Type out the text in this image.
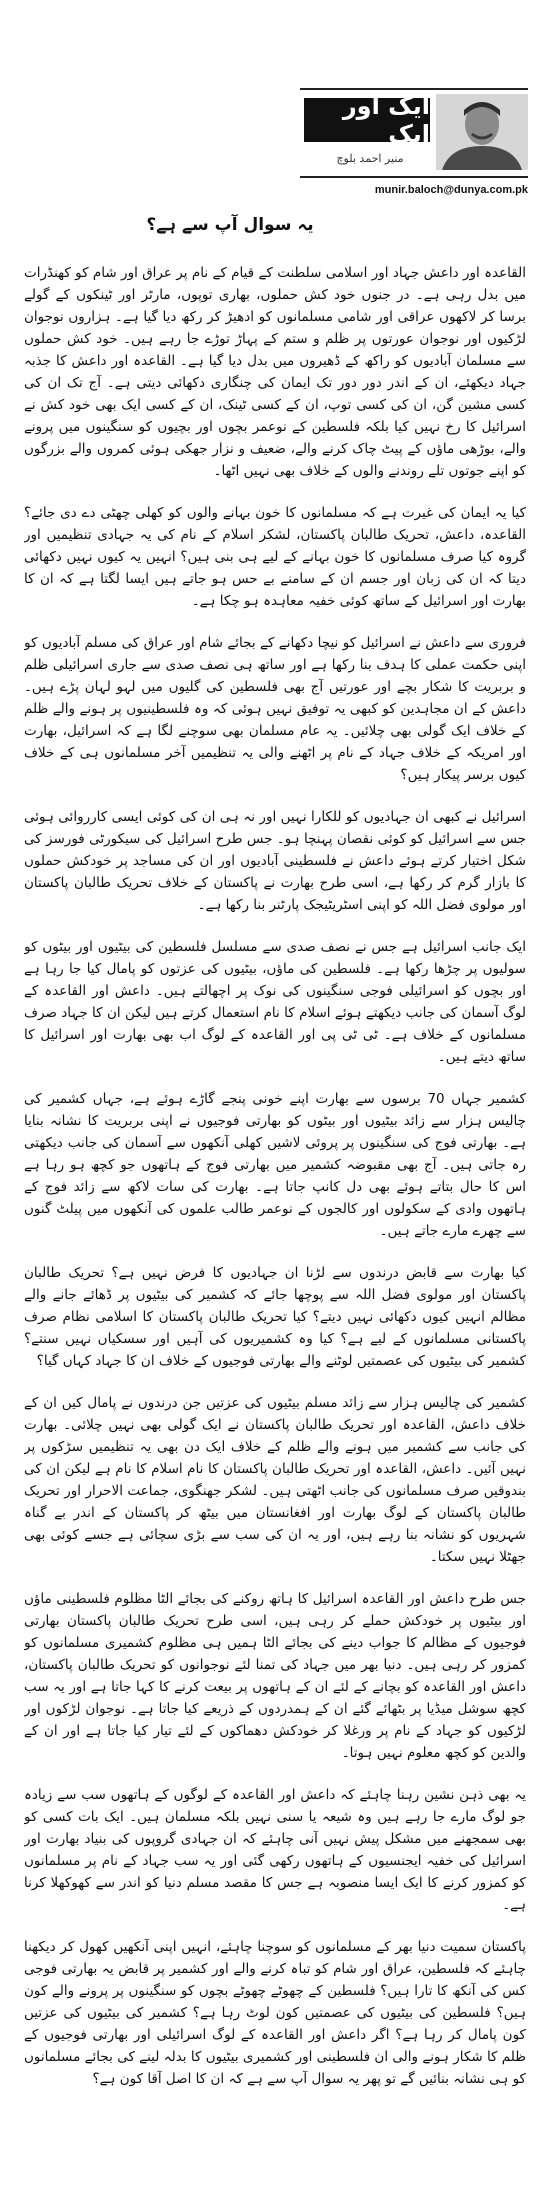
ایک اور ایک
منیر احمد بلوچ
munir.baloch@dunya.com.pk
یہ سوال آپ سے ہے؟

القاعدہ اور داعش جہاد اور اسلامی سلطنت کے قیام کے نام پر عراق اور شام کو کھنڈرات میں بدل رہی ہے۔ در جنوں خود کش حملوں، بھاری توپوں، مارٹر اور ٹینکوں کے گولے برسا کر لاکھوں عراقی اور شامی مسلمانوں کو ادھیڑ کر رکھ دیا گیا ہے۔ ہزاروں نوجوان لڑکیوں اور نوجوان عورتوں پر ظلم و ستم کے پہاڑ توڑے جا رہے ہیں۔ خود کش حملوں سے مسلمان آبادیوں کو راکھ کے ڈھیروں میں بدل دیا گیا ہے۔ القاعدہ اور داعش کا جذبہ جہاد دیکھئے، ان کے اندر دور دور تک ایمان کی چنگاری دکھائی دیتی ہے۔ آج تک ان کی کسی مشین گن، ان کی کسی توپ، ان کے کسی ٹینک، ان کے کسی ایک بھی خود کش نے اسرائیل کا رخ نہیں کیا بلکہ فلسطین کے نوعمر بچوں اور بچیوں کو سنگینوں میں پرونے والے، بوڑھی ماؤں کے پیٹ چاک کرنے والے، ضعیف و نزار جھکی ہوئی کمروں والے بزرگوں کو اپنے جوتوں تلے روندنے والوں کے خلاف بھی نہیں اٹھا۔

کیا یہ ایمان کی غیرت ہے کہ مسلمانوں کا خون بہانے والوں کو کھلی چھٹی دے دی جائے؟ القاعدہ، داعش، تحریک طالبان پاکستان، لشکر اسلام کے نام کی یہ جہادی تنظیمیں اور گروہ کیا صرف مسلمانوں کا خون بہانے کے لیے ہی بنی ہیں؟ انہیں یہ کیوں نہیں دکھائی دیتا کہ ان کی زبان اور جسم ان کے سامنے بے حس ہو جاتے ہیں ایسا لگتا ہے کہ ان کا بھارت اور اسرائیل کے ساتھ کوئی خفیہ معاہدہ ہو چکا ہے۔

فروری سے داعش نے اسرائیل کو نیچا دکھانے کے بجائے شام اور عراق کی مسلم آبادیوں کو اپنی حکمت عملی کا ہدف بنا رکھا ہے اور ساتھ ہی نصف صدی سے جاری اسرائیلی ظلم و بربریت کا شکار بچے اور عورتیں آج بھی فلسطین کی گلیوں میں لہو لہان پڑے ہیں۔ داعش کے ان مجاہدین کو کبھی یہ توفیق نہیں ہوئی کہ وہ فلسطینیوں پر ہونے والے ظلم کے خلاف ایک گولی بھی چلائیں۔ یہ عام مسلمان بھی سوچنے لگا ہے کہ اسرائیل، بھارت اور امریکہ کے خلاف جہاد کے نام پر اٹھنے والی یہ تنظیمیں آخر مسلمانوں ہی کے خلاف کیوں برسر پیکار ہیں؟

اسرائیل نے کبھی ان جہادیوں کو للکارا نہیں اور نہ ہی ان کی کوئی ایسی کارروائی ہوئی جس سے اسرائیل کو کوئی نقصان پہنچا ہو۔ جس طرح اسرائیل کی سیکورٹی فورسز کی شکل اختیار کرتے ہوئے داعش نے فلسطینی آبادیوں اور ان کی مساجد پر خودکش حملوں کا بازار گرم کر رکھا ہے، اسی طرح بھارت نے پاکستان کے خلاف تحریک طالبان پاکستان اور مولوی فضل اللہ کو اپنی اسٹریٹیجک پارٹنر بنا رکھا ہے۔

ایک جانب اسرائیل ہے جس نے نصف صدی سے مسلسل فلسطین کی بیٹیوں اور بیٹوں کو سولیوں پر چڑھا رکھا ہے۔ فلسطین کی ماؤں، بیٹیوں کی عزتوں کو پامال کیا جا رہا ہے اور بچوں کو اسرائیلی فوجی سنگینوں کی نوک پر اچھالتے ہیں۔ داعش اور القاعدہ کے لوگ آسمان کی جانب دیکھتے ہوئے اسلام کا نام استعمال کرتے ہیں لیکن ان کا جہاد صرف مسلمانوں کے خلاف ہے۔ ٹی ٹی پی اور القاعدہ کے لوگ اب بھی بھارت اور اسرائیل کا ساتھ دیتے ہیں۔

کشمیر جہاں 70 برسوں سے بھارت اپنے خونی پنجے گاڑے ہوئے ہے، جہاں کشمیر کی چالیس ہزار سے زائد بیٹیوں اور بیٹوں کو بھارتی فوجیوں نے اپنی بربریت کا نشانہ بنایا ہے۔ بھارتی فوج کی سنگینوں پر پروئی لاشیں کھلی آنکھوں سے آسمان کی جانب دیکھتی رہ جاتی ہیں۔ آج بھی مقبوضہ کشمیر میں بھارتی فوج کے ہاتھوں جو کچھ ہو رہا ہے اس کا حال بتاتے ہوئے بھی دل کانپ جاتا ہے۔ بھارت کی سات لاکھ سے زائد فوج کے ہاتھوں وادی کے سکولوں اور کالجوں کے نوعمر طالب علموں کی آنکھوں میں پیلٹ گنوں سے چھرے مارے جاتے ہیں۔

کیا بھارت سے قابض درندوں سے لڑنا ان جہادیوں کا فرض نہیں ہے؟ تحریک طالبان پاکستان اور مولوی فضل اللہ سے پوچھا جائے کہ کشمیر کی بیٹیوں پر ڈھائے جانے والے مظالم انہیں کیوں دکھائی نہیں دیتے؟ کیا تحریک طالبان پاکستان کا اسلامی نظام صرف پاکستانی مسلمانوں کے لیے ہے؟ کیا وہ کشمیریوں کی آہیں اور سسکیاں نہیں سنتے؟ کشمیر کی بیٹیوں کی عصمتیں لوٹنے والے بھارتی فوجیوں کے خلاف ان کا جہاد کہاں گیا؟

کشمیر کی چالیس ہزار سے زائد مسلم بیٹیوں کی عزتیں جن درندوں نے پامال کیں ان کے خلاف داعش، القاعدہ اور تحریک طالبان پاکستان نے ایک گولی بھی نہیں چلائی۔ بھارت کی جانب سے کشمیر میں ہونے والے ظلم کے خلاف ایک دن بھی یہ تنظیمیں سڑکوں پر نہیں آئیں۔ داعش، القاعدہ اور تحریک طالبان پاکستان کا نام اسلام کا نام ہے لیکن ان کی بندوقیں صرف مسلمانوں کی جانب اٹھتی ہیں۔ لشکر جھنگوی، جماعت الاحرار اور تحریک طالبان پاکستان کے لوگ بھارت اور افغانستان میں بیٹھ کر پاکستان کے اندر بے گناہ شہریوں کو نشانہ بنا رہے ہیں، اور یہ ان کی سب سے بڑی سچائی ہے جسے کوئی بھی جھٹلا نہیں سکتا۔

جس طرح داعش اور القاعدہ اسرائیل کا ہاتھ روکنے کی بجائے الٹا مظلوم فلسطینی ماؤں اور بیٹیوں پر خودکش حملے کر رہی ہیں، اسی طرح تحریک طالبان پاکستان بھارتی فوجیوں کے مظالم کا جواب دینے کی بجائے الٹا ہمیں ہی مظلوم کشمیری مسلمانوں کو کمزور کر رہی ہیں۔ دنیا بھر میں جہاد کی تمنا لئے نوجوانوں کو تحریک طالبان پاکستان، داعش اور القاعدہ کو بچانے کے لئے ان کے ہاتھوں پر بیعت کرنے کا کہا جاتا ہے اور یہ سب کچھ سوشل میڈیا پر بٹھائے گئے ان کے ہمدردوں کے ذریعے کیا جاتا ہے۔ نوجوان لڑکوں اور لڑکیوں کو جہاد کے نام پر ورغلا کر خودکش دھماکوں کے لئے تیار کیا جاتا ہے اور ان کے والدین کو کچھ معلوم نہیں ہوتا۔

یہ بھی ذہن نشین رہنا چاہئے کہ داعش اور القاعدہ کے لوگوں کے ہاتھوں سب سے زیادہ جو لوگ مارے جا رہے ہیں وہ شیعہ یا سنی نہیں بلکہ مسلمان ہیں۔ ایک بات کسی کو بھی سمجھنے میں مشکل پیش نہیں آنی چاہئے کہ ان جہادی گروپوں کی بنیاد بھارت اور اسرائیل کی خفیہ ایجنسیوں کے ہاتھوں رکھی گئی اور یہ سب جہاد کے نام پر مسلمانوں کو کمزور کرنے کا ایک ایسا منصوبہ ہے جس کا مقصد مسلم دنیا کو اندر سے کھوکھلا کرنا ہے۔

پاکستان سمیت دنیا بھر کے مسلمانوں کو سوچنا چاہئے، انہیں اپنی آنکھیں کھول کر دیکھنا چاہئے کہ فلسطین، عراق اور شام کو تباہ کرنے والے اور کشمیر پر قابض یہ بھارتی فوجی کس کی آنکھ کا تارا ہیں؟ فلسطین کے چھوٹے چھوٹے بچوں کو سنگینوں پر پرونے والے کون ہیں؟ فلسطین کی بیٹیوں کی عصمتیں کون لوٹ رہا ہے؟ کشمیر کی بیٹیوں کی عزتیں کون پامال کر رہا ہے؟ اگر داعش اور القاعدہ کے لوگ اسرائیلی اور بھارتی فوجیوں کے ظلم کا شکار ہونے والی ان فلسطینی اور کشمیری بیٹیوں کا بدلہ لینے کی بجائے مسلمانوں کو ہی نشانہ بنائیں گے تو پھر یہ سوال آپ سے ہے کہ ان کا اصل آقا کون ہے؟
